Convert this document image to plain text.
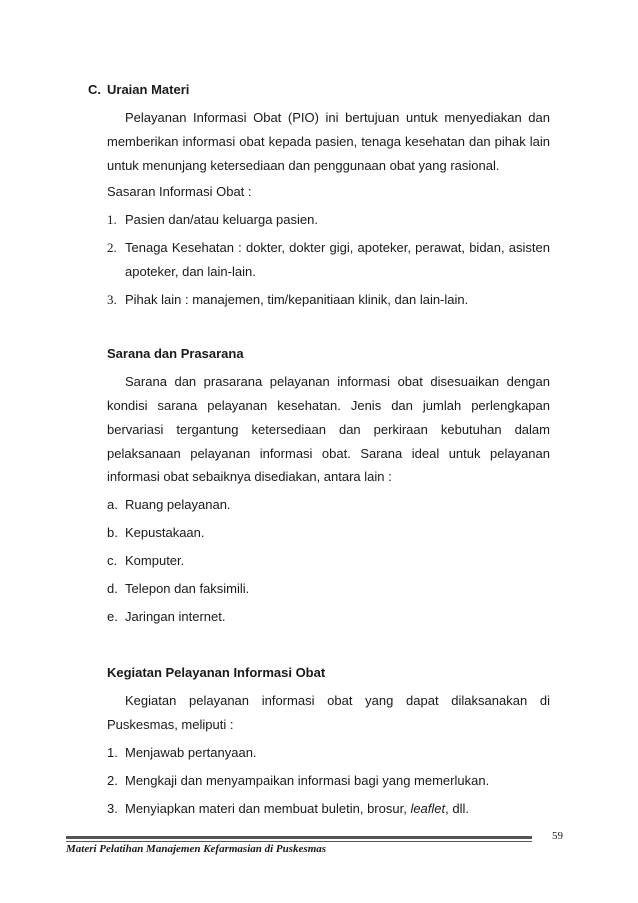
C. Uraian Materi
Pelayanan Informasi Obat (PIO) ini bertujuan untuk menyediakan dan
memberikan informasi obat kepada pasien, tenaga kesehatan dan pihak lain
untuk menunjang ketersediaan dan penggunaan obat yang rasional.
Sasaran Informasi Obat :
1. Pasien dan/atau keluarga pasien.
2. Tenaga Kesehatan : dokter, dokter gigi, apoteker, perawat, bidan, asisten
apoteker, dan lain-lain.
3. Pihak lain : manajemen, tim/kepanitiaan klinik, dan lain-lain.
Sarana dan Prasarana
Sarana dan prasarana pelayanan informasi obat disesuaikan dengan
kondisi sarana pelayanan kesehatan. Jenis dan jumlah perlengkapan
bervariasi tergantung ketersediaan dan perkiraan kebutuhan dalam
pelaksanaan pelayanan informasi obat. Sarana ideal untuk pelayanan
informasi obat sebaiknya disediakan, antara lain :
a. Ruang pelayanan.
b. Kepustakaan.
c. Komputer.
d. Telepon dan faksimili.
e. Jaringan internet.
Kegiatan Pelayanan Informasi Obat
Kegiatan pelayanan informasi obat yang dapat dilaksanakan di
Puskesmas, meliputi :
1. Menjawab pertanyaan.
2. Mengkaji dan menyampaikan informasi bagi yang memerlukan.
3. Menyiapkan materi dan membuat buletin, brosur, leaflet, dll.
59
Materi Pelatihan Manajemen Kefarmasian di Puskesmas
